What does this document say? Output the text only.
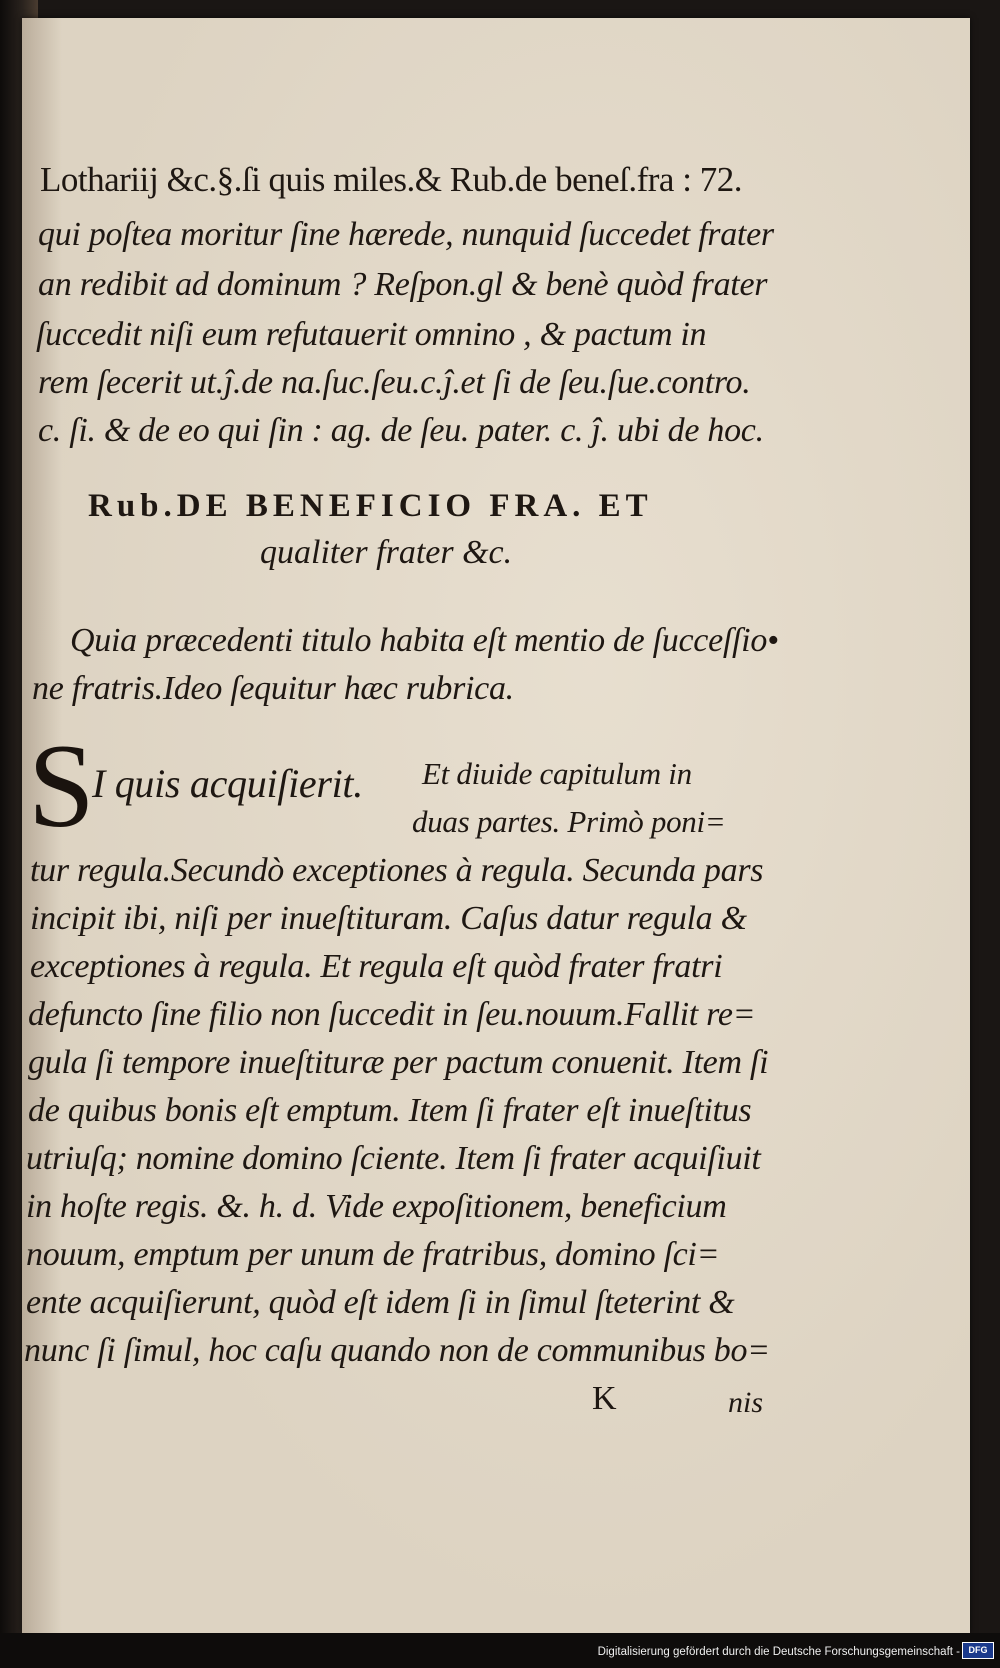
Lothariĳ &c.§.ſi quis miles.& Rub.de beneſ.fra : 72.
qui poſtea moritur ſine hærede, nunquid ſuccedet frater
an redibit ad dominum ? Reſpon.gl & benè quòd frater
ſuccedit niſi eum refutauerit omnino , & pactum in
rem ſecerit ut.ĵ.de na.ſuc.ſeu.c.ĵ.et ſi de ſeu.ſue.contro.
c. ſi. & de eo qui ſin : ag. de ſeu. pater. c. ĵ. ubi de hoc.
Rub.DE BENEFICIO FRA. ET
qualiter frater &c.
Quia præcedenti titulo habita eſt mentio de ſucceſſio•
ne fratris.Ideo ſequitur hæc rubrica.
S
I quis acquiſierit. Et diuide capitulum in
duas partes. Primò poni=
tur regula.Secundò exceptiones à regula. Secunda pars
incipit ibi, niſi per inueſtituram. Caſus datur regula &
exceptiones à regula. Et regula eſt quòd frater fratri
defuncto ſine filio non ſuccedit in ſeu.nouum.Fallit re=
gula ſi tempore inueſtituræ per pactum conuenit. Item ſi
de quibus bonis eſt emptum. Item ſi frater eſt inueſtitus
utriuſq; nomine domino ſciente. Item ſi frater acquiſiuit
in hoſte regis. &. h. d. Vide expoſitionem, beneficium
nouum, emptum per unum de fratribus, domino ſci=
ente acquiſierunt, quòd eſt idem ſi in ſimul ſteterint &
nunc ſi ſimul, hoc caſu quando non de communibus bo=
K	nis
Digitalisierung gefördert durch die Deutsche Forschungsgemeinschaft - DFG
